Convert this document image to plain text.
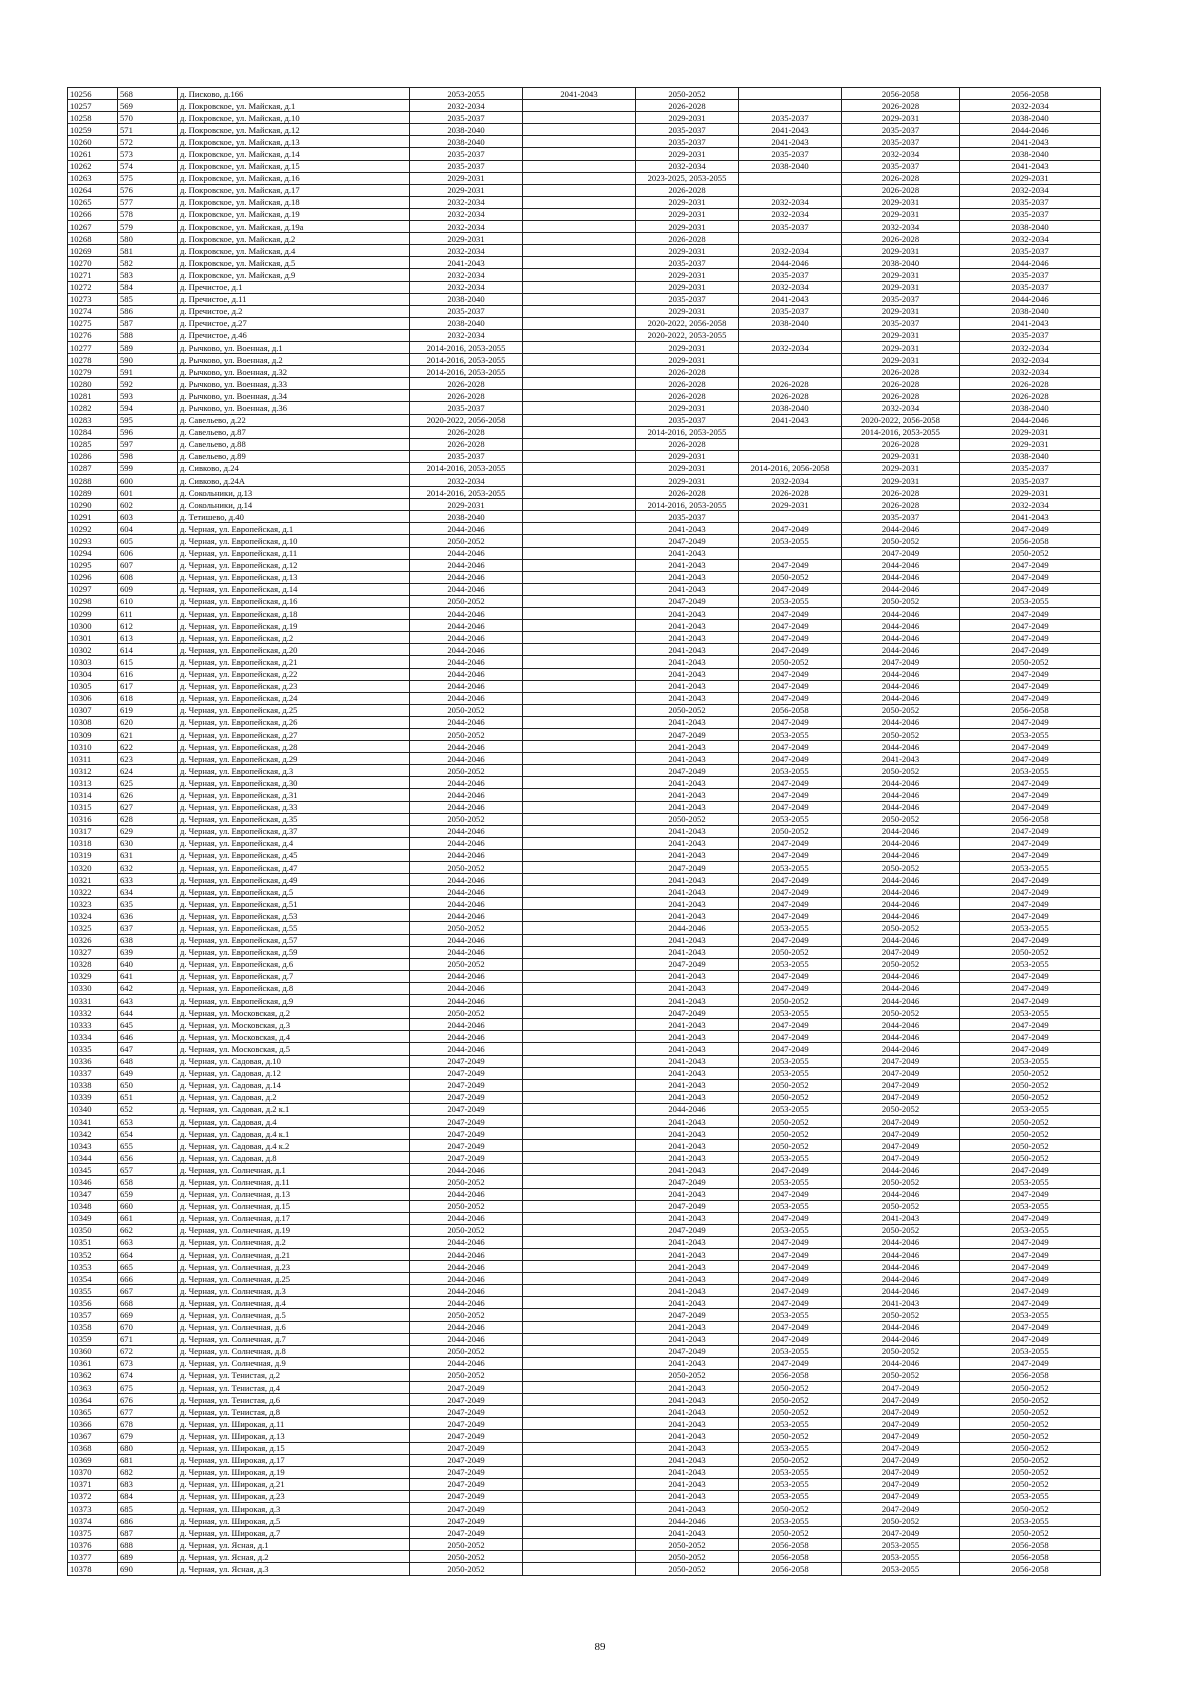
10256	568	д. Писково, д.166	2053-2055	2041-2043	2050-2052		2056-2058	2056-2058
10257	569	д. Покровское, ул. Майская, д.1	2032-2034		2026-2028		2026-2028	2032-2034
10258	570	д. Покровское, ул. Майская, д.10	2035-2037		2029-2031	2035-2037	2029-2031	2038-2040
10259	571	д. Покровское, ул. Майская, д.12	2038-2040		2035-2037	2041-2043	2035-2037	2044-2046
10260	572	д. Покровское, ул. Майская, д.13	2038-2040		2035-2037	2041-2043	2035-2037	2041-2043
10261	573	д. Покровское, ул. Майская, д.14	2035-2037		2029-2031	2035-2037	2032-2034	2038-2040
10262	574	д. Покровское, ул. Майская, д.15	2035-2037		2032-2034	2038-2040	2035-2037	2041-2043
10263	575	д. Покровское, ул. Майская, д.16	2029-2031		2023-2025, 2053-2055		2026-2028	2029-2031
10264	576	д. Покровское, ул. Майская, д.17	2029-2031		2026-2028		2026-2028	2032-2034
10265	577	д. Покровское, ул. Майская, д.18	2032-2034		2029-2031	2032-2034	2029-2031	2035-2037
10266	578	д. Покровское, ул. Майская, д.19	2032-2034		2029-2031	2032-2034	2029-2031	2035-2037
10267	579	д. Покровское, ул. Майская, д.19а	2032-2034		2029-2031	2035-2037	2032-2034	2038-2040
10268	580	д. Покровское, ул. Майская, д.2	2029-2031		2026-2028		2026-2028	2032-2034
10269	581	д. Покровское, ул. Майская, д.4	2032-2034		2029-2031	2032-2034	2029-2031	2035-2037
10270	582	д. Покровское, ул. Майская, д.5	2041-2043		2035-2037	2044-2046	2038-2040	2044-2046
10271	583	д. Покровское, ул. Майская, д.9	2032-2034		2029-2031	2035-2037	2029-2031	2035-2037
10272	584	д. Пречистое, д.1	2032-2034		2029-2031	2032-2034	2029-2031	2035-2037
10273	585	д. Пречистое, д.11	2038-2040		2035-2037	2041-2043	2035-2037	2044-2046
10274	586	д. Пречистое, д.2	2035-2037		2029-2031	2035-2037	2029-2031	2038-2040
10275	587	д. Пречистое, д.27	2038-2040		2020-2022, 2056-2058	2038-2040	2035-2037	2041-2043
10276	588	д. Пречистое, д.46	2032-2034		2020-2022, 2053-2055		2029-2031	2035-2037
10277	589	д. Рычково, ул. Военная, д.1	2014-2016, 2053-2055		2029-2031	2032-2034	2029-2031	2032-2034
10278	590	д. Рычково, ул. Военная, д.2	2014-2016, 2053-2055		2029-2031		2029-2031	2032-2034
10279	591	д. Рычково, ул. Военная, д.32	2014-2016, 2053-2055		2026-2028		2026-2028	2032-2034
10280	592	д. Рычково, ул. Военная, д.33	2026-2028		2026-2028	2026-2028	2026-2028	2026-2028
10281	593	д. Рычково, ул. Военная, д.34	2026-2028		2026-2028	2026-2028	2026-2028	2026-2028
10282	594	д. Рычково, ул. Военная, д.36	2035-2037		2029-2031	2038-2040	2032-2034	2038-2040
10283	595	д. Савельево, д.22	2020-2022, 2056-2058		2035-2037	2041-2043	2020-2022, 2056-2058	2044-2046
10284	596	д. Савельево, д.87	2026-2028		2014-2016, 2053-2055		2014-2016, 2053-2055	2029-2031
10285	597	д. Савельево, д.88	2026-2028		2026-2028		2026-2028	2029-2031
10286	598	д. Савельево, д.89	2035-2037		2029-2031		2029-2031	2038-2040
10287	599	д. Сивково, д.24	2014-2016, 2053-2055		2029-2031	2014-2016, 2056-2058	2029-2031	2035-2037
10288	600	д. Сивково, д.24А	2032-2034		2029-2031	2032-2034	2029-2031	2035-2037
10289	601	д. Сокольники, д.13	2014-2016, 2053-2055		2026-2028	2026-2028	2026-2028	2029-2031
10290	602	д. Сокольники, д.14	2029-2031		2014-2016, 2053-2055	2029-2031	2026-2028	2032-2034
10291	603	д. Тетишево, д.40	2038-2040		2035-2037		2035-2037	2041-2043
10292	604	д. Черная, ул. Европейская, д.1	2044-2046		2041-2043	2047-2049	2044-2046	2047-2049
10293	605	д. Черная, ул. Европейская, д.10	2050-2052		2047-2049	2053-2055	2050-2052	2056-2058
10294	606	д. Черная, ул. Европейская, д.11	2044-2046		2041-2043		2047-2049	2050-2052
10295	607	д. Черная, ул. Европейская, д.12	2044-2046		2041-2043	2047-2049	2044-2046	2047-2049
10296	608	д. Черная, ул. Европейская, д.13	2044-2046		2041-2043	2050-2052	2044-2046	2047-2049
10297	609	д. Черная, ул. Европейская, д.14	2044-2046		2041-2043	2047-2049	2044-2046	2047-2049
10298	610	д. Черная, ул. Европейская, д.16	2050-2052		2047-2049	2053-2055	2050-2052	2053-2055
10299	611	д. Черная, ул. Европейская, д.18	2044-2046		2041-2043	2047-2049	2044-2046	2047-2049
10300	612	д. Черная, ул. Европейская, д.19	2044-2046		2041-2043	2047-2049	2044-2046	2047-2049
10301	613	д. Черная, ул. Европейская, д.2	2044-2046		2041-2043	2047-2049	2044-2046	2047-2049
10302	614	д. Черная, ул. Европейская, д.20	2044-2046		2041-2043	2047-2049	2044-2046	2047-2049
10303	615	д. Черная, ул. Европейская, д.21	2044-2046		2041-2043	2050-2052	2047-2049	2050-2052
10304	616	д. Черная, ул. Европейская, д.22	2044-2046		2041-2043	2047-2049	2044-2046	2047-2049
10305	617	д. Черная, ул. Европейская, д.23	2044-2046		2041-2043	2047-2049	2044-2046	2047-2049
10306	618	д. Черная, ул. Европейская, д.24	2044-2046		2041-2043	2047-2049	2044-2046	2047-2049
10307	619	д. Черная, ул. Европейская, д.25	2050-2052		2050-2052	2056-2058	2050-2052	2056-2058
10308	620	д. Черная, ул. Европейская, д.26	2044-2046		2041-2043	2047-2049	2044-2046	2047-2049
10309	621	д. Черная, ул. Европейская, д.27	2050-2052		2047-2049	2053-2055	2050-2052	2053-2055
10310	622	д. Черная, ул. Европейская, д.28	2044-2046		2041-2043	2047-2049	2044-2046	2047-2049
10311	623	д. Черная, ул. Европейская, д.29	2044-2046		2041-2043	2047-2049	2041-2043	2047-2049
10312	624	д. Черная, ул. Европейская, д.3	2050-2052		2047-2049	2053-2055	2050-2052	2053-2055
10313	625	д. Черная, ул. Европейская, д.30	2044-2046		2041-2043	2047-2049	2044-2046	2047-2049
10314	626	д. Черная, ул. Европейская, д.31	2044-2046		2041-2043	2047-2049	2044-2046	2047-2049
10315	627	д. Черная, ул. Европейская, д.33	2044-2046		2041-2043	2047-2049	2044-2046	2047-2049
10316	628	д. Черная, ул. Европейская, д.35	2050-2052		2050-2052	2053-2055	2050-2052	2056-2058
10317	629	д. Черная, ул. Европейская, д.37	2044-2046		2041-2043	2050-2052	2044-2046	2047-2049
10318	630	д. Черная, ул. Европейская, д.4	2044-2046		2041-2043	2047-2049	2044-2046	2047-2049
10319	631	д. Черная, ул. Европейская, д.45	2044-2046		2041-2043	2047-2049	2044-2046	2047-2049
10320	632	д. Черная, ул. Европейская, д.47	2050-2052		2047-2049	2053-2055	2050-2052	2053-2055
10321	633	д. Черная, ул. Европейская, д.49	2044-2046		2041-2043	2047-2049	2044-2046	2047-2049
10322	634	д. Черная, ул. Европейская, д.5	2044-2046		2041-2043	2047-2049	2044-2046	2047-2049
10323	635	д. Черная, ул. Европейская, д.51	2044-2046		2041-2043	2047-2049	2044-2046	2047-2049
10324	636	д. Черная, ул. Европейская, д.53	2044-2046		2041-2043	2047-2049	2044-2046	2047-2049
10325	637	д. Черная, ул. Европейская, д.55	2050-2052		2044-2046	2053-2055	2050-2052	2053-2055
10326	638	д. Черная, ул. Европейская, д.57	2044-2046		2041-2043	2047-2049	2044-2046	2047-2049
10327	639	д. Черная, ул. Европейская, д.59	2044-2046		2041-2043	2050-2052	2047-2049	2050-2052
10328	640	д. Черная, ул. Европейская, д.6	2050-2052		2047-2049	2053-2055	2050-2052	2053-2055
10329	641	д. Черная, ул. Европейская, д.7	2044-2046		2041-2043	2047-2049	2044-2046	2047-2049
10330	642	д. Черная, ул. Европейская, д.8	2044-2046		2041-2043	2047-2049	2044-2046	2047-2049
10331	643	д. Черная, ул. Европейская, д.9	2044-2046		2041-2043	2050-2052	2044-2046	2047-2049
10332	644	д. Черная, ул. Московская, д.2	2050-2052		2047-2049	2053-2055	2050-2052	2053-2055
10333	645	д. Черная, ул. Московская, д.3	2044-2046		2041-2043	2047-2049	2044-2046	2047-2049
10334	646	д. Черная, ул. Московская, д.4	2044-2046		2041-2043	2047-2049	2044-2046	2047-2049
10335	647	д. Черная, ул. Московская, д.5	2044-2046		2041-2043	2047-2049	2044-2046	2047-2049
10336	648	д. Черная, ул. Садовая, д.10	2047-2049		2041-2043	2053-2055	2047-2049	2053-2055
10337	649	д. Черная, ул. Садовая, д.12	2047-2049		2041-2043	2053-2055	2047-2049	2050-2052
10338	650	д. Черная, ул. Садовая, д.14	2047-2049		2041-2043	2050-2052	2047-2049	2050-2052
10339	651	д. Черная, ул. Садовая, д.2	2047-2049		2041-2043	2050-2052	2047-2049	2050-2052
10340	652	д. Черная, ул. Садовая, д.2 к.1	2047-2049		2044-2046	2053-2055	2050-2052	2053-2055
10341	653	д. Черная, ул. Садовая, д.4	2047-2049		2041-2043	2050-2052	2047-2049	2050-2052
10342	654	д. Черная, ул. Садовая, д.4 к.1	2047-2049		2041-2043	2050-2052	2047-2049	2050-2052
10343	655	д. Черная, ул. Садовая, д.4 к.2	2047-2049		2041-2043	2050-2052	2047-2049	2050-2052
10344	656	д. Черная, ул. Садовая, д.8	2047-2049		2041-2043	2053-2055	2047-2049	2050-2052
10345	657	д. Черная, ул. Солнечная, д.1	2044-2046		2041-2043	2047-2049	2044-2046	2047-2049
10346	658	д. Черная, ул. Солнечная, д.11	2050-2052		2047-2049	2053-2055	2050-2052	2053-2055
10347	659	д. Черная, ул. Солнечная, д.13	2044-2046		2041-2043	2047-2049	2044-2046	2047-2049
10348	660	д. Черная, ул. Солнечная, д.15	2050-2052		2047-2049	2053-2055	2050-2052	2053-2055
10349	661	д. Черная, ул. Солнечная, д.17	2044-2046		2041-2043	2047-2049	2041-2043	2047-2049
10350	662	д. Черная, ул. Солнечная, д.19	2050-2052		2047-2049	2053-2055	2050-2052	2053-2055
10351	663	д. Черная, ул. Солнечная, д.2	2044-2046		2041-2043	2047-2049	2044-2046	2047-2049
10352	664	д. Черная, ул. Солнечная, д.21	2044-2046		2041-2043	2047-2049	2044-2046	2047-2049
10353	665	д. Черная, ул. Солнечная, д.23	2044-2046		2041-2043	2047-2049	2044-2046	2047-2049
10354	666	д. Черная, ул. Солнечная, д.25	2044-2046		2041-2043	2047-2049	2044-2046	2047-2049
10355	667	д. Черная, ул. Солнечная, д.3	2044-2046		2041-2043	2047-2049	2044-2046	2047-2049
10356	668	д. Черная, ул. Солнечная, д.4	2044-2046		2041-2043	2047-2049	2041-2043	2047-2049
10357	669	д. Черная, ул. Солнечная, д.5	2050-2052		2047-2049	2053-2055	2050-2052	2053-2055
10358	670	д. Черная, ул. Солнечная, д.6	2044-2046		2041-2043	2047-2049	2044-2046	2047-2049
10359	671	д. Черная, ул. Солнечная, д.7	2044-2046		2041-2043	2047-2049	2044-2046	2047-2049
10360	672	д. Черная, ул. Солнечная, д.8	2050-2052		2047-2049	2053-2055	2050-2052	2053-2055
10361	673	д. Черная, ул. Солнечная, д.9	2044-2046		2041-2043	2047-2049	2044-2046	2047-2049
10362	674	д. Черная, ул. Тенистая, д.2	2050-2052		2050-2052	2056-2058	2050-2052	2056-2058
10363	675	д. Черная, ул. Тенистая, д.4	2047-2049		2041-2043	2050-2052	2047-2049	2050-2052
10364	676	д. Черная, ул. Тенистая, д.6	2047-2049		2041-2043	2050-2052	2047-2049	2050-2052
10365	677	д. Черная, ул. Тенистая, д.8	2047-2049		2041-2043	2050-2052	2047-2049	2050-2052
10366	678	д. Черная, ул. Широкая, д.11	2047-2049		2041-2043	2053-2055	2047-2049	2050-2052
10367	679	д. Черная, ул. Широкая, д.13	2047-2049		2041-2043	2050-2052	2047-2049	2050-2052
10368	680	д. Черная, ул. Широкая, д.15	2047-2049		2041-2043	2053-2055	2047-2049	2050-2052
10369	681	д. Черная, ул. Широкая, д.17	2047-2049		2041-2043	2050-2052	2047-2049	2050-2052
10370	682	д. Черная, ул. Широкая, д.19	2047-2049		2041-2043	2053-2055	2047-2049	2050-2052
10371	683	д. Черная, ул. Широкая, д.21	2047-2049		2041-2043	2053-2055	2047-2049	2050-2052
10372	684	д. Черная, ул. Широкая, д.23	2047-2049		2041-2043	2053-2055	2047-2049	2053-2055
10373	685	д. Черная, ул. Широкая, д.3	2047-2049		2041-2043	2050-2052	2047-2049	2050-2052
10374	686	д. Черная, ул. Широкая, д.5	2047-2049		2044-2046	2053-2055	2050-2052	2053-2055
10375	687	д. Черная, ул. Широкая, д.7	2047-2049		2041-2043	2050-2052	2047-2049	2050-2052
10376	688	д. Черная, ул. Ясная, д.1	2050-2052		2050-2052	2056-2058	2053-2055	2056-2058
10377	689	д. Черная, ул. Ясная, д.2	2050-2052		2050-2052	2056-2058	2053-2055	2056-2058
10378	690	д. Черная, ул. Ясная, д.3	2050-2052		2050-2052	2056-2058	2053-2055	2056-2058
89
